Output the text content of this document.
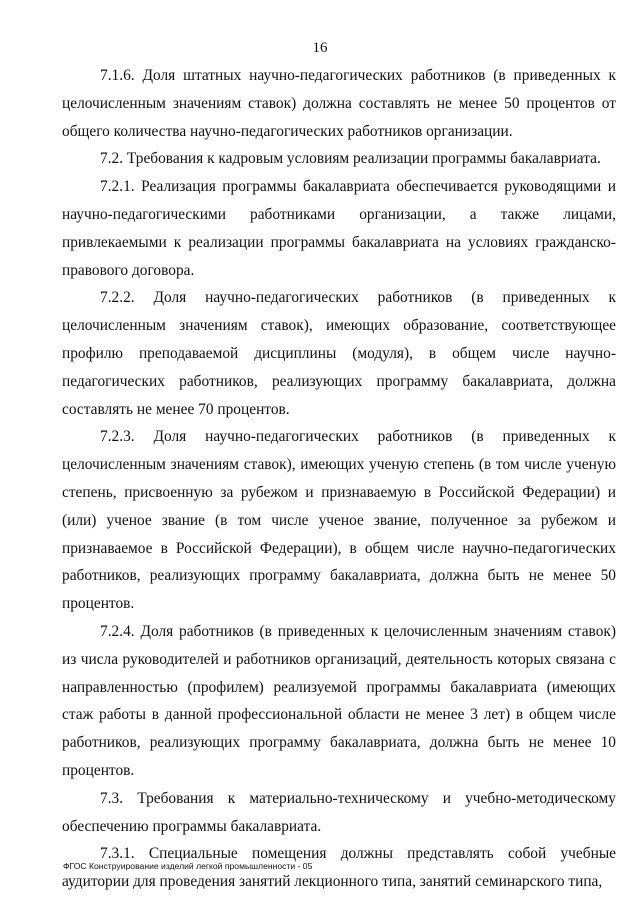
16

7.1.6. Доля штатных научно-педагогических работников (в приведенных к целочисленным значениям ставок) должна составлять не менее 50 процентов от общего количества научно-педагогических работников организации.

7.2. Требования к кадровым условиям реализации программы бакалавриата.

7.2.1. Реализация программы бакалавриата обеспечивается руководящими и научно-педагогическими работниками организации, а также лицами, привлекаемыми к реализации программы бакалавриата на условиях гражданско-правового договора.

7.2.2. Доля научно-педагогических работников (в приведенных к целочисленным значениям ставок), имеющих образование, соответствующее профилю преподаваемой дисциплины (модуля), в общем числе научно-педагогических работников, реализующих программу бакалавриата, должна составлять не менее 70 процентов.

7.2.3. Доля научно-педагогических работников (в приведенных к целочисленным значениям ставок), имеющих ученую степень (в том числе ученую степень, присвоенную за рубежом и признаваемую в Российской Федерации) и (или) ученое звание (в том числе ученое звание, полученное за рубежом и признаваемое в Российской Федерации), в общем числе научно-педагогических работников, реализующих программу бакалавриата, должна быть не менее 50 процентов.

7.2.4. Доля работников (в приведенных к целочисленным значениям ставок) из числа руководителей и работников организаций, деятельность которых связана с направленностью (профилем) реализуемой программы бакалавриата (имеющих стаж работы в данной профессиональной области не менее 3 лет) в общем числе работников, реализующих программу бакалавриата, должна быть не менее 10 процентов.

7.3. Требования к материально-техническому и учебно-методическому обеспечению программы бакалавриата.

7.3.1. Специальные помещения должны представлять собой учебные аудитории для проведения занятий лекционного типа, занятий семинарского типа,

ФГОС Конструирование изделий легкой промышленности - 05
